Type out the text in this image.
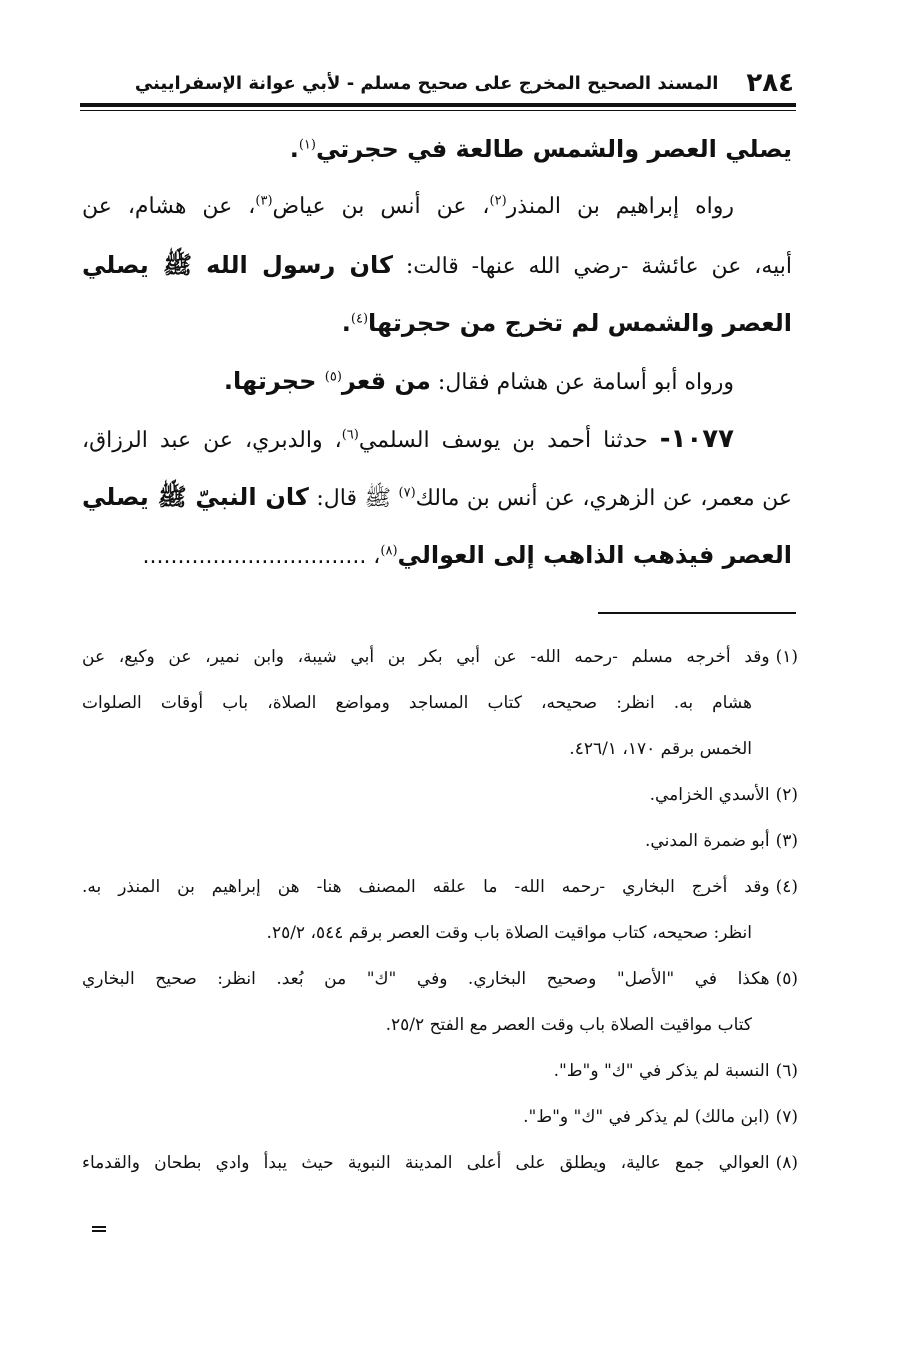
٢٨٤
المسند الصحيح المخرج على صحيح مسلم - لأبي عوانة الإسفراييني
يصلي العصر والشمس طالعة في حجرتي$^{(١)}$.
رواه إبراهيم بن المنذر$^{(٢)}$، عن أنس بن عياض$^{(٣)}$، عن هشام، عن
أبيه، عن عائشة -رضي الله عنها- قالت: كان رسول الله ﷺ يصلي
العصر والشمس لم تخرج من حجرتها$^{(٤)}$.
ورواه أبو أسامة عن هشام فقال: من قعر$^{(٥)}$ حجرتها.
١٠٧٧- حدثنا أحمد بن يوسف السلمي$^{(٦)}$، والدبري، عن عبد الرزاق،
عن معمر، عن الزهري، عن أنس بن مالك$^{(٧)}$ ﷺ قال: كان النبيّ ﷺ يصلي
العصر فيذهب الذاهب إلى العوالي$^{(٨)}$، ................................
(١)وقد أخرجه مسلم -رحمه الله- عن أبي بكر بن أبي شيبة، وابن نمير، عن وكيع، عن
هشام به. انظر: صحيحه، كتاب المساجد ومواضع الصلاة، باب أوقات الصلوات
الخمس برقم ١٧٠، ٤٢٦/١.
(٢)الأسدي الخزامي.
(٣)أبو ضمرة المدني.
(٤)وقد أخرج البخاري -رحمه الله- ما علقه المصنف هنا- هن إبراهيم بن المنذر به.
انظر: صحيحه، كتاب مواقيت الصلاة باب وقت العصر برقم ٥٤٤، ٢٥/٢.
(٥)هكذا في "الأصل" وصحيح البخاري. وفي "ك" من بُعد. انظر: صحيح البخاري
كتاب مواقيت الصلاة باب وقت العصر مع الفتح ٢٥/٢.
(٦)النسبة لم يذكر في "ك" و"ط".
(٧)(ابن مالك) لم يذكر في "ك" و"ط".
(٨)العوالي جمع عالية، ويطلق على أعلى المدينة النبوية حيث يبدأ وادي بطحان والقدماء
